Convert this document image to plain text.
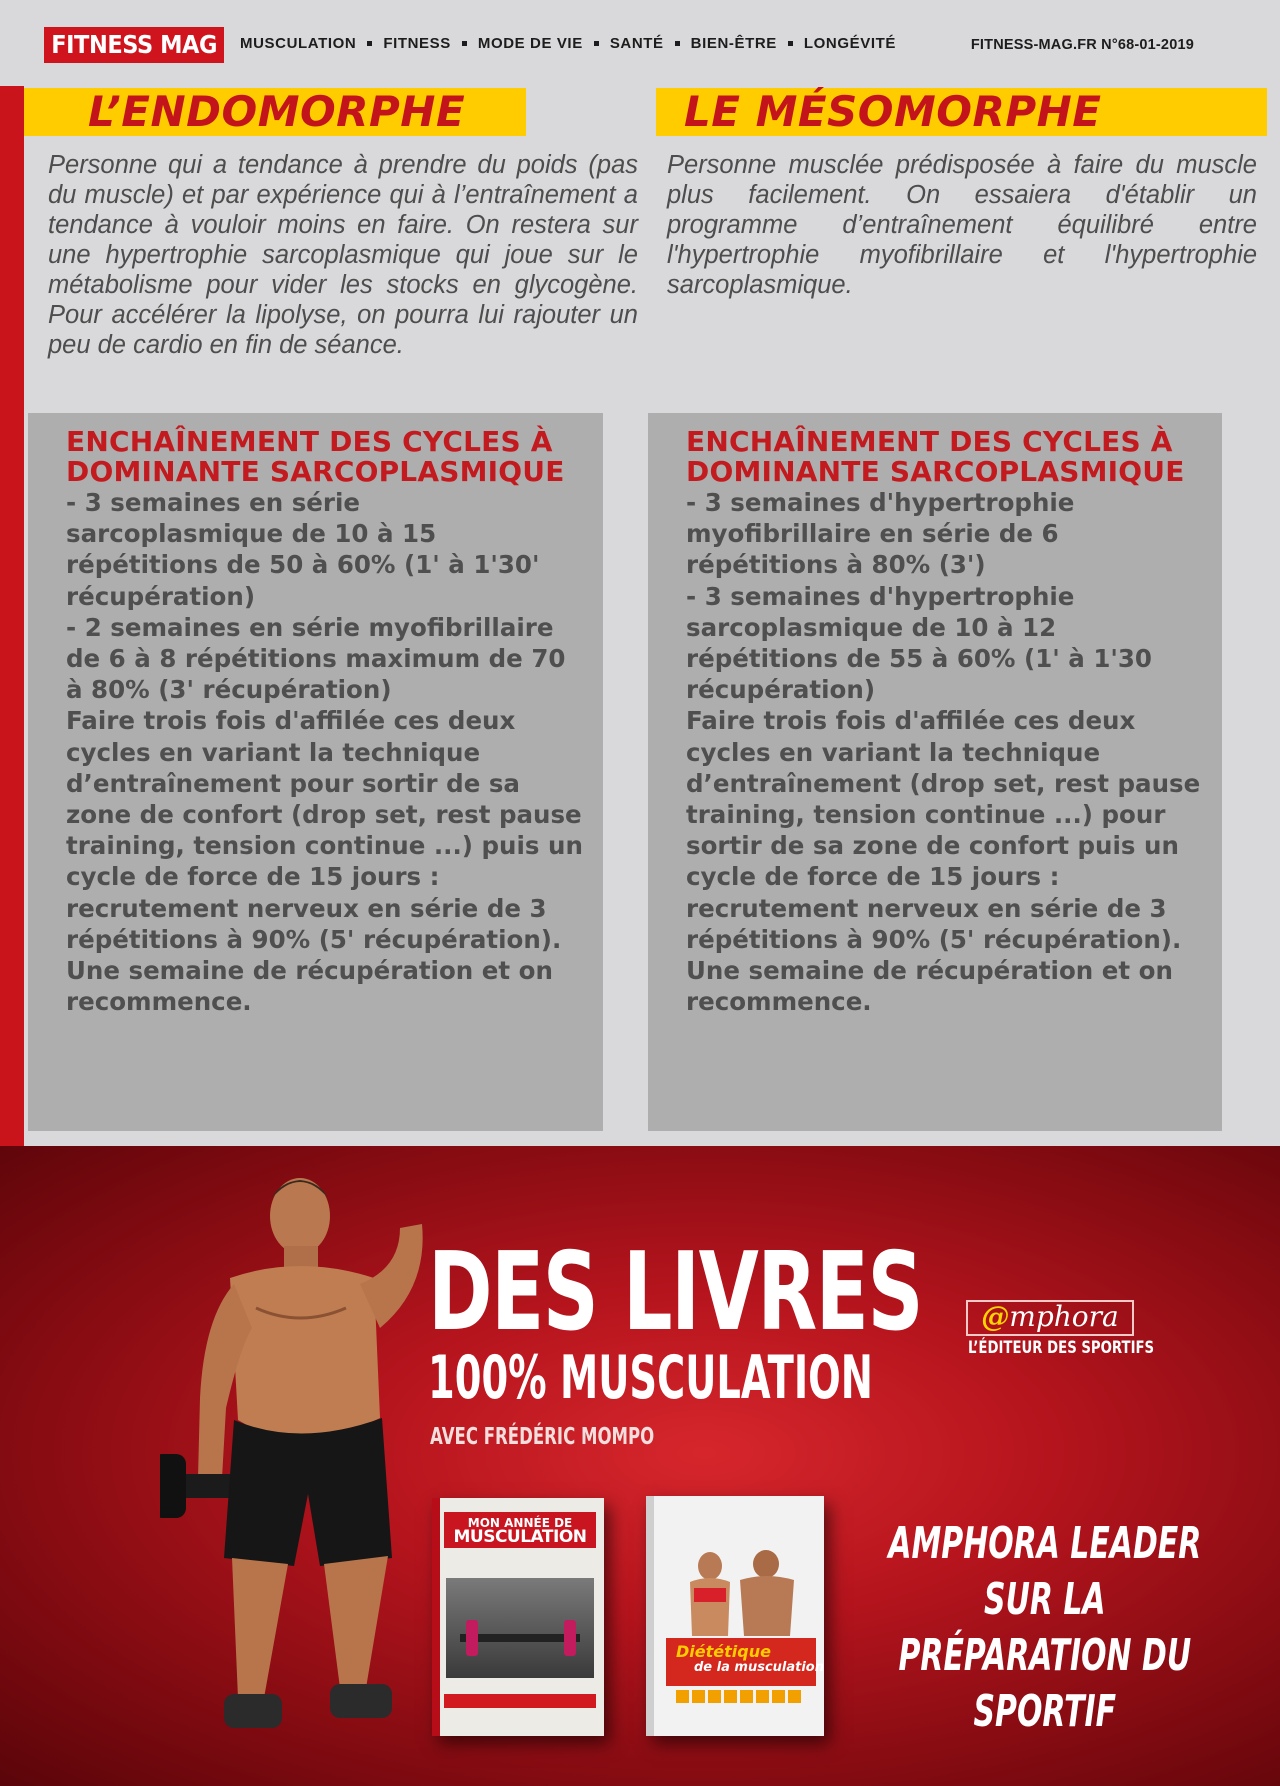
FITNESS MAG	MUSCULATION FITNESS MODE DE VIE SANTÉ BIEN-ÊTRE LONGÉVITÉ	FITNESS-MAG.FR N°68-01-2019
L’ENDOMORPHE

Personne qui a tendance à prendre du poids (pas du muscle) et par expérience qui à l’entraînement a tendance à vouloir moins en faire. On restera sur une hypertrophie sarcoplasmique qui joue sur le métabolisme pour vider les stocks en glycogène. Pour accélérer la lipolyse, on pourra lui rajouter un peu de cardio en fin de séance.

ENCHAÎNEMENT DES CYCLES À DOMINANTE SARCOPLASMIQUE

- 3 semaines en série sarcoplasmique de 10 à 15 répétitions de 50 à 60% (1' à 1'30' récupération)
- 2 semaines en série myofibrillaire de 6 à 8 répétitions maximum de 70 à 80% (3' récupération)
Faire trois fois d'affilée ces deux cycles en variant la technique d’entraînement pour sortir de sa zone de confort (drop set, rest pause training, tension continue ...) puis un cycle de force de 15 jours : recrutement nerveux en série de 3 répétitions à 90% (5' récupération).
Une semaine de récupération et on recommence.

LE MÉSOMORPHE

Personne musclée prédisposée à faire du muscle plus facilement. On essaiera d'établir un programme d’entraînement équilibré entre l'hypertrophie myofibrillaire et l'hypertrophie sarcoplasmique.

ENCHAÎNEMENT DES CYCLES À DOMINANTE SARCOPLASMIQUE

- 3 semaines d'hypertrophie myofibrillaire en série de 6 répétitions à 80% (3')
- 3 semaines d'hypertrophie sarcoplasmique de 10 à 12 répétitions de 55 à 60% (1' à 1'30 récupération)
Faire trois fois d'affilée ces deux cycles en variant la technique d’entraînement (drop set, rest pause training, tension continue ...) pour sortir de sa zone de confort puis un cycle de force de 15 jours : recrutement nerveux en série de 3 répétitions à 90% (5' récupération).
Une semaine de récupération et on recommence.

DES LIVRES
100% MUSCULATION
AVEC FRÉDÉRIC MOMPO
@mphora
L’ÉDITEUR DES SPORTIFS
MON ANNÉE DE
MUSCULATION
Diététique
de la musculation
AMPHORA LEADER SUR LA PRÉPARATION DU SPORTIF
